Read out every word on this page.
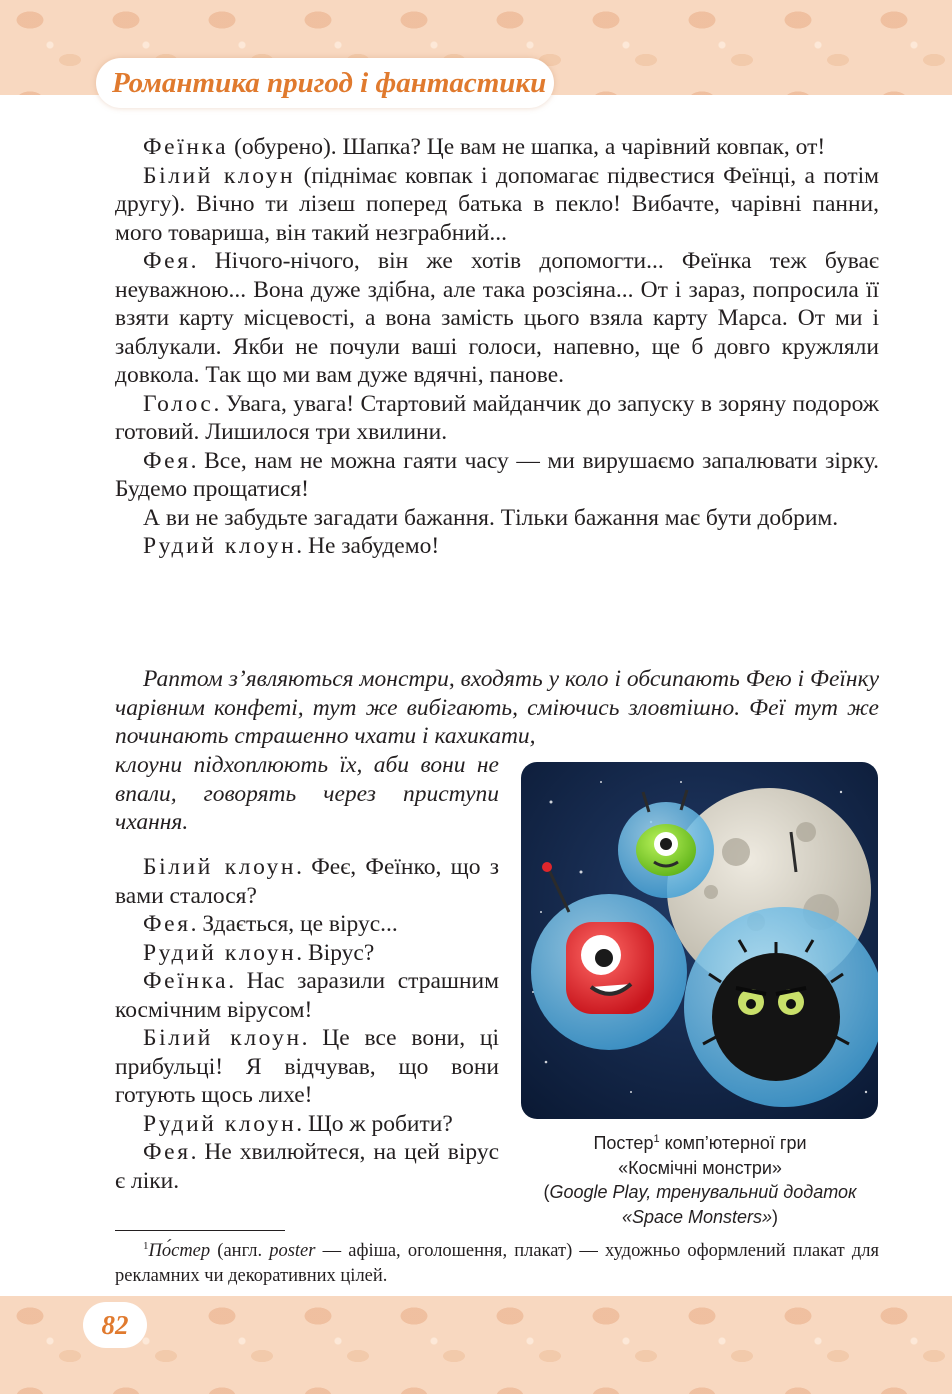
Романтика пригод і фантастики

Феїнка (обурено). Шапка? Це вам не шапка, а чарівний ковпак, от!

Білий клоун (піднімає ковпак і допомагає підвестися Феїнці, а потім другу). Вічно ти лізеш поперед батька в пекло! Вибачте, чарівні панни, мого товариша, він такий незграбний...

Фея. Нічого-нічого, він же хотів допомогти... Феїнка теж буває неуважною... Вона дуже здібна, але така розсіяна... От і зараз, попросила її взяти карту місцевості, а вона замість цього взяла карту Марса. От ми і заблукали. Якби не почули ваші голоси, напевно, ще б довго кружляли довкола. Так що ми вам дуже вдячні, панове.

Голос. Увага, увага! Стартовий майданчик до запуску в зоряну подорож готовий. Лишилося три хвилини.

Фея. Все, нам не можна гаяти часу — ми вирушаємо запалювати зірку. Будемо прощатися!

А ви не забудьте загадати бажання. Тільки бажання має бути добрим.

Рудий клоун. Не забудемо!

Раптом з’являються монстри, входять у коло і обсипають Фею і Феїнку чарівним конфеті, тут же вибігають, сміючись зловтішно. Феї тут же починають страшенно чхати і кахикати,

клоуни підхоплюють їх, аби вони не впали, говорять через приступи чхання.

Білий клоун. Феє, Феїнко, що з вами сталося?

Фея. Здається, це вірус...

Рудий клоун. Вірус?

Феїнка. Нас заразили страшним космічним вірусом!

Білий клоун. Це все вони, ці прибульці! Я відчував, що вони готують щось лихе!

Рудий клоун. Що ж робити?

Фея. Не хвилюйтеся, на цей вірус є ліки.

Постер$^1$ комп’ютерної гри
«Космічні монстри»
(Google Play, тренувальний додаток «Space Monsters»)

$^1$По́стер (англ. poster — афіша, оголошення, плакат) — художньо оформлений плакат для рекламних чи декоративних цілей.

82
